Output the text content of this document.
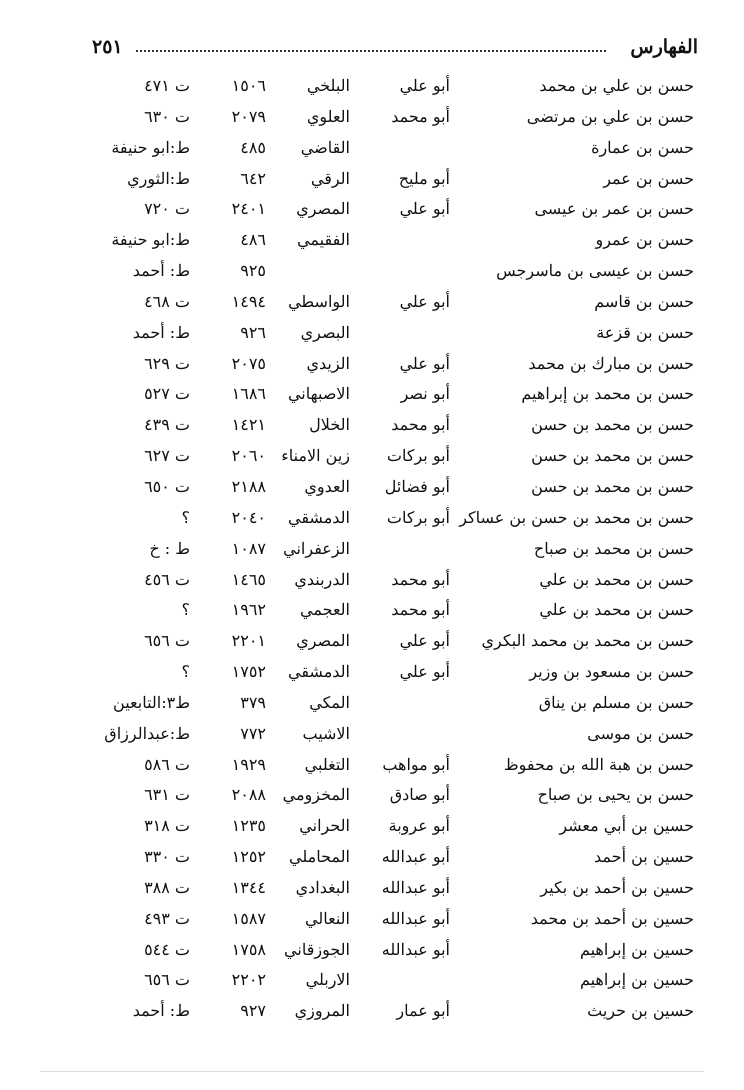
الفهارس
٢٥١
حسن بن علي بن محمد
أبو علي
البلخي
١٥٠٦
ت ٤٧١
حسن بن علي بن مرتضى
أبو محمد
العلوي
٢٠٧٩
ت ٦٣٠
حسن بن عمارة
القاضي
٤٨٥
ط:ابو حنيفة
حسن بن عمر
أبو مليح
الرقي
٦٤٢
ط:الثوري
حسن بن عمر بن عيسى
أبو علي
المصري
٢٤٠١
ت ٧٢٠
حسن بن عمرو
الفقيمي
٤٨٦
ط:ابو حنيفة
حسن بن عيسى بن ماسرجس
٩٢٥
ط: أحمد
حسن بن قاسم
أبو علي
الواسطي
١٤٩٤
ت ٤٦٨
حسن بن قزعة
البصري
٩٢٦
ط: أحمد
حسن بن مبارك بن محمد
أبو علي
الزيدي
٢٠٧٥
ت ٦٢٩
حسن بن محمد بن إبراهيم
أبو نصر
الاصبهاني
١٦٨٦
ت ٥٢٧
حسن بن محمد بن حسن
أبو محمد
الخلال
١٤٢١
ت ٤٣٩
حسن بن محمد بن حسن
أبو بركات
زين الامناء
٢٠٦٠
ت ٦٢٧
حسن بن محمد بن حسن
أبو فضائل
العدوي
٢١٨٨
ت ٦٥٠
حسن بن محمد بن حسن بن عساكر
أبو بركات
الدمشقي
٢٠٤٠
؟
حسن بن محمد بن صباح
الزعفراني
١٠٨٧
ط : خ
حسن بن محمد بن علي
أبو محمد
الدربندي
١٤٦٥
ت ٤٥٦
حسن بن محمد بن علي
أبو محمد
العجمي
١٩٦٢
؟
حسن بن محمد بن محمد البكري
أبو علي
المصري
٢٢٠١
ت ٦٥٦
حسن بن مسعود بن وزير
أبو علي
الدمشقي
١٧٥٢
؟
حسن بن مسلم بن يناق
المكي
٣٧٩
ط٣:التابعين
حسن بن موسى
الاشيب
٧٧٢
ط:عبدالرزاق
حسن بن هبة الله بن محفوظ
أبو مواهب
التغلبي
١٩٢٩
ت ٥٨٦
حسن بن يحيى بن صباح
أبو صادق
المخزومي
٢٠٨٨
ت ٦٣١
حسين بن أبي معشر
أبو عروبة
الحراني
١٢٣٥
ت ٣١٨
حسين بن أحمد
أبو عبدالله
المحاملي
١٢٥٢
ت ٣٣٠
حسين بن أحمد بن بكير
أبو عبدالله
البغدادي
١٣٤٤
ت ٣٨٨
حسين بن أحمد بن محمد
أبو عبدالله
النعالي
١٥٨٧
ت ٤٩٣
حسين بن إبراهيم
أبو عبدالله
الجوزقاني
١٧٥٨
ت ٥٤٤
حسين بن إبراهيم
الاربلي
٢٢٠٢
ت ٦٥٦
حسين بن حريث
أبو عمار
المروزي
٩٢٧
ط: أحمد
